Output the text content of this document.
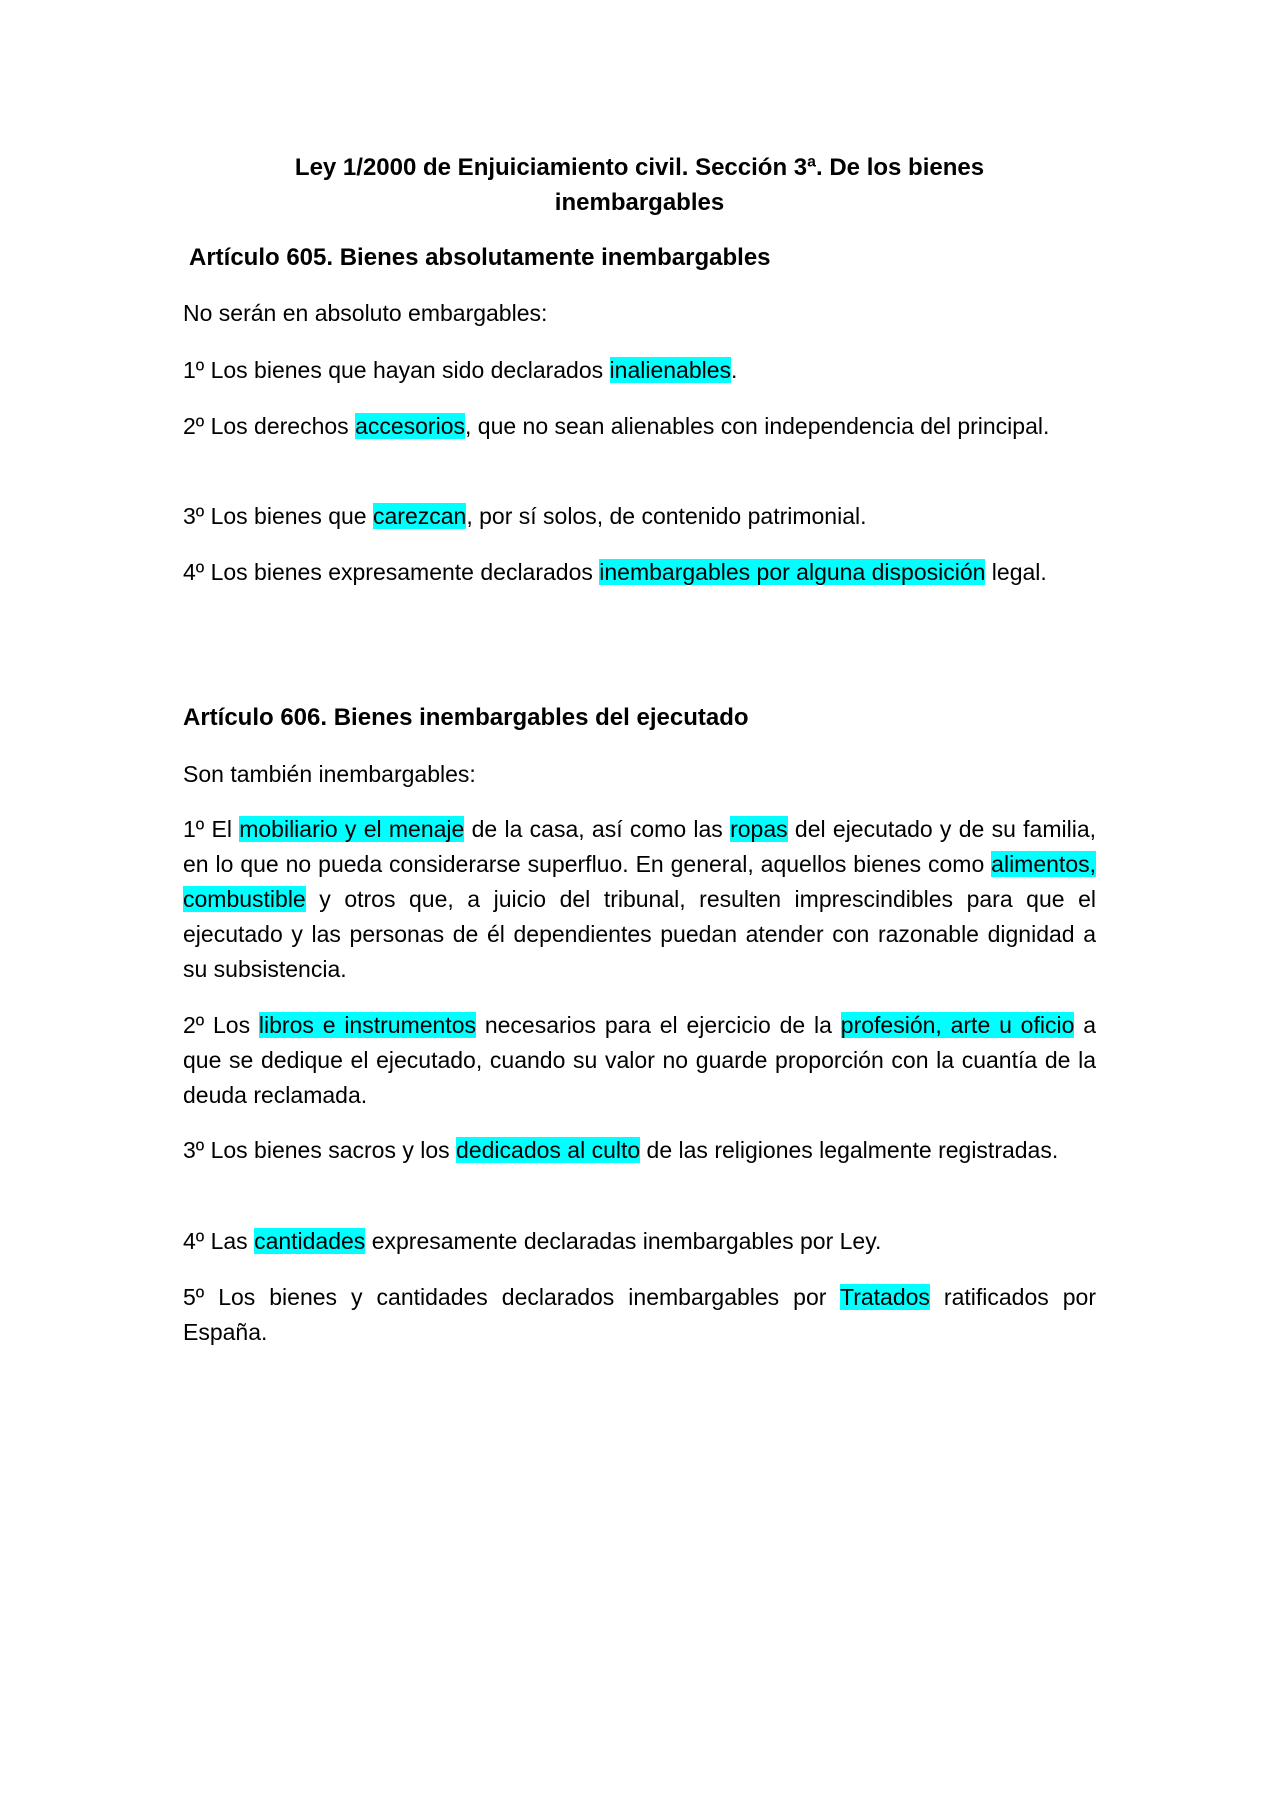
Ley 1/2000 de Enjuiciamiento civil. Sección 3ª. De los bienes
inembargables

Artículo 605. Bienes absolutamente inembargables

No serán en absoluto embargables:

1º Los bienes que hayan sido declarados inalienables.

2º Los derechos accesorios, que no sean alienables con independencia del principal.

3º Los bienes que carezcan, por sí solos, de contenido patrimonial.

4º Los bienes expresamente declarados inembargables por alguna disposición legal.

Artículo 606. Bienes inembargables del ejecutado

Son también inembargables:

1º El mobiliario y el menaje de la casa, así como las ropas del ejecutado y de su familia, en lo que no pueda considerarse superfluo. En general, aquellos bienes como alimentos, combustible y otros que, a juicio del tribunal, resulten imprescindibles para que el ejecutado y las personas de él dependientes puedan atender con razonable dignidad a su subsistencia.

2º Los libros e instrumentos necesarios para el ejercicio de la profesión, arte u oficio a que se dedique el ejecutado, cuando su valor no guarde proporción con la cuantía de la deuda reclamada.

3º Los bienes sacros y los dedicados al culto de las religiones legalmente registradas.

4º Las cantidades expresamente declaradas inembargables por Ley.

5º Los bienes y cantidades declarados inembargables por Tratados ratificados por España.
